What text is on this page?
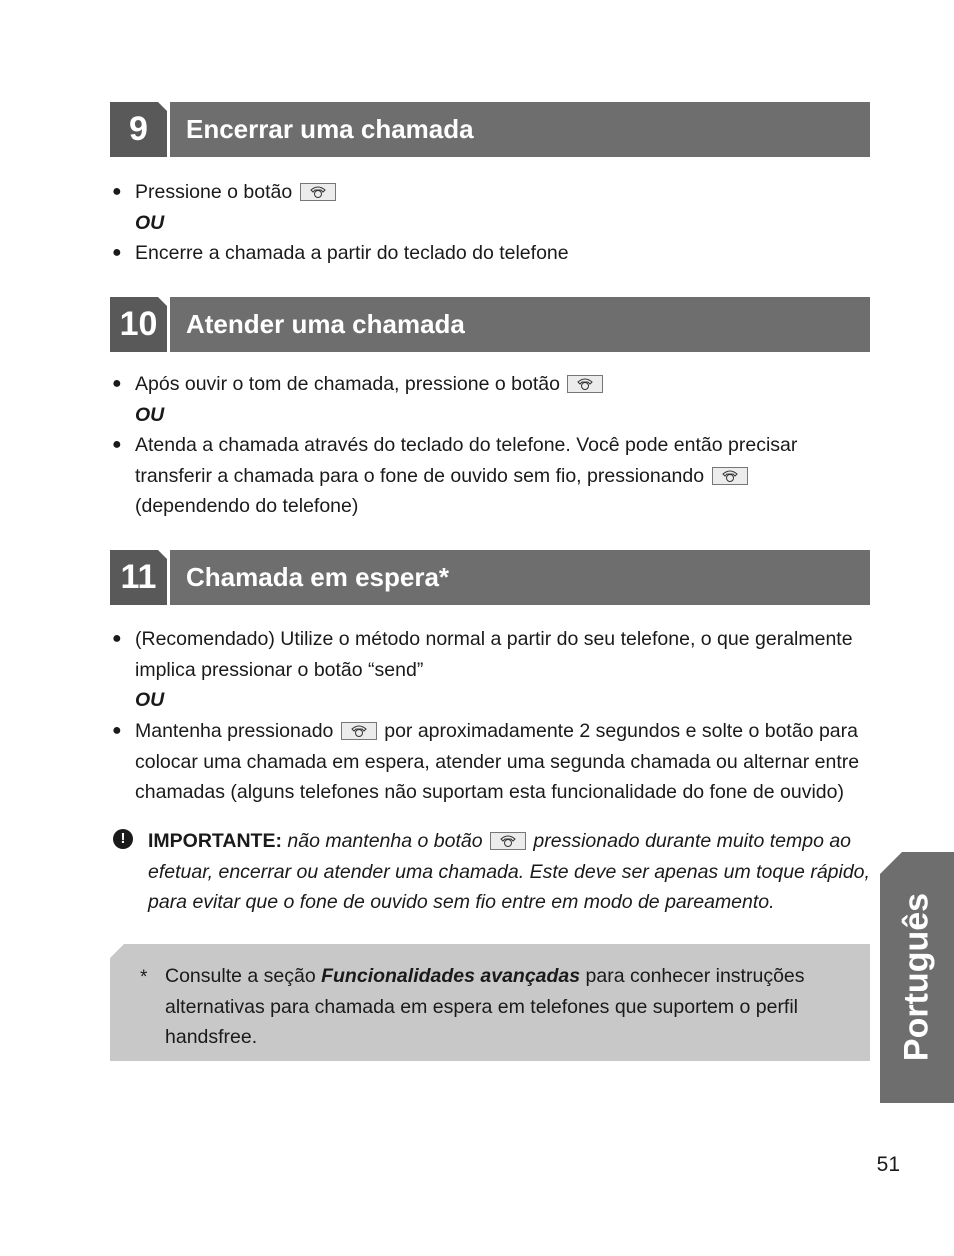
9	Encerrar uma chamada
● Pressione o botão
OU
● Encerre a chamada a partir do teclado do telefone
10	Atender uma chamada
● Após ouvir o tom de chamada, pressione o botão
OU
● Atenda a chamada através do teclado do telefone. Você pode então precisar transferir a chamada para o fone de ouvido sem fio, pressionando
(dependendo do telefone)
11	Chamada em espera*
● (Recomendado) Utilize o método normal a partir do seu telefone, o que geralmente implica pressionar o botão “send”
OU
● Mantenha pressionado	por aproximadamente 2 segundos e solte o botão para colocar uma chamada em espera, atender uma segunda chamada ou alternar entre chamadas (alguns telefones não suportam esta funcionalidade do fone de ouvido)
!	IMPORTANTE: não mantenha o botão	pressionado durante muito tempo ao efetuar, encerrar ou atender uma chamada. Este deve ser apenas um toque rápido, para evitar que o fone de ouvido sem fio entre em modo de pareamento.
* Consulte a seção Funcionalidades avançadas para conhecer instruções alternativas para chamada em espera em telefones que suportem o perfil handsfree.	Português
51
